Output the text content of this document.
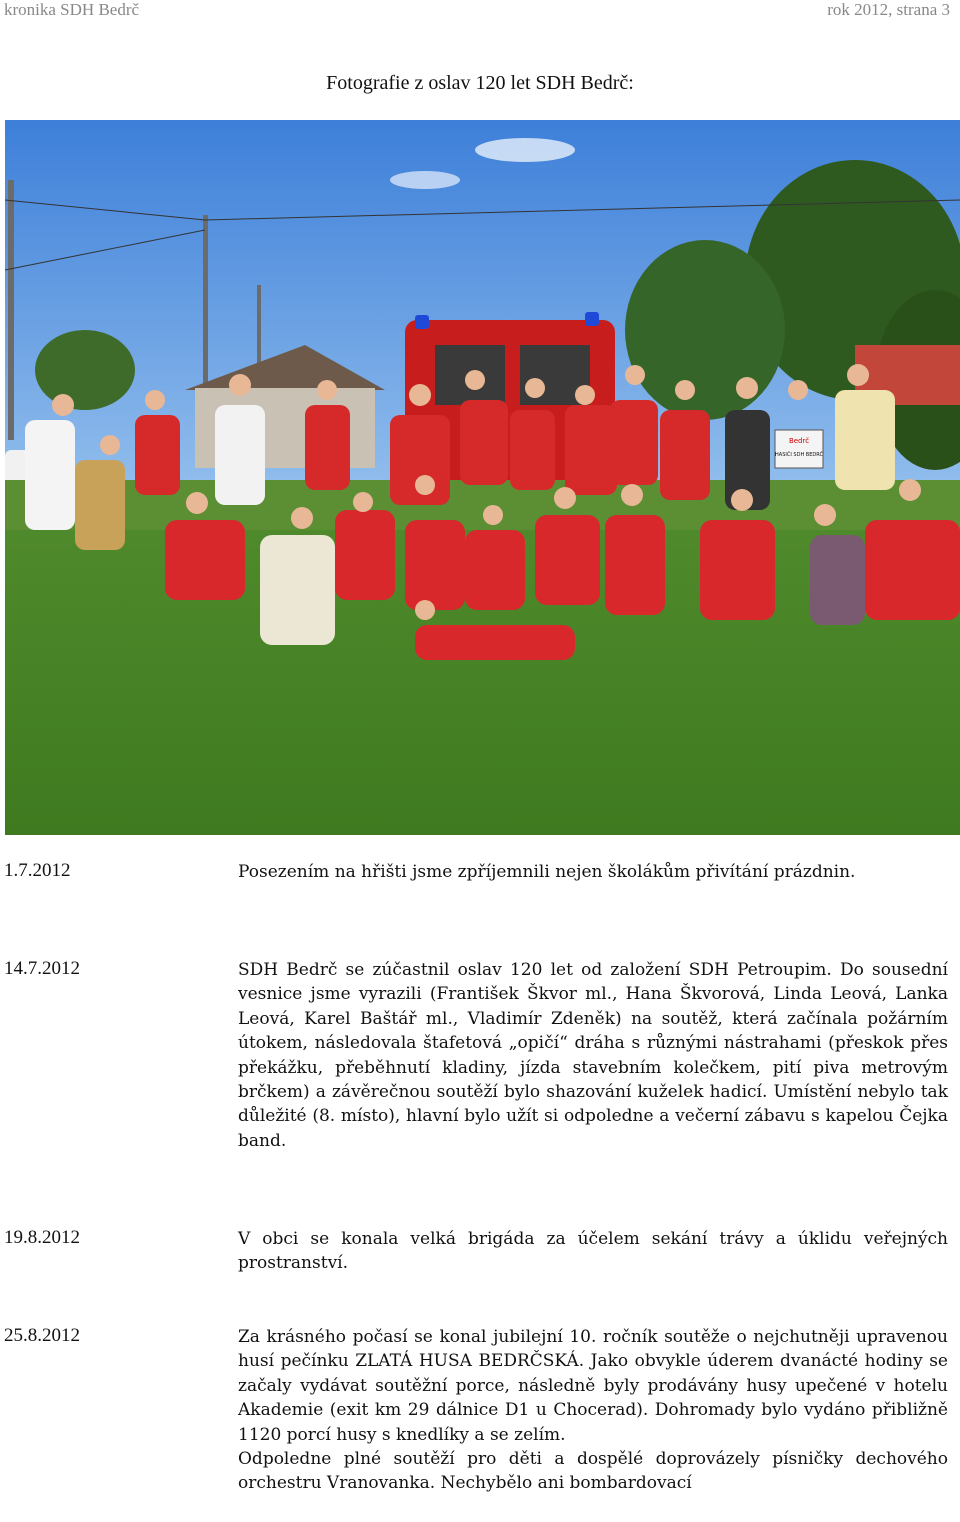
kronika SDH Bedrč	rok 2012, strana 3
Fotografie z oslav 120 let SDH Bedrč:
Bedrč
HASIČI SDH BEDRČ
1.7.2012	Posezením na hřišti jsme zpříjemnili nejen školákům přivítání prázdnin.

14.7.2012	SDH Bedrč se zúčastnil oslav 120 let od založení SDH Petroupim. Do sousední vesnice jsme vyrazili (František Škvor ml., Hana Škvorová, Linda Leová, Lanka Leová, Karel Baštář ml., Vladimír Zdeněk) na soutěž, která začínala požárním útokem, následovala štafetová „opičí“ dráha s různými nástrahami (přeskok přes překážku, přeběhnutí kladiny, jízda stavebním kolečkem, pití piva metrovým brčkem) a závěrečnou soutěží bylo shazování kuželek hadicí. Umístění nebylo tak důležité (8. místo), hlavní bylo užít si odpoledne a večerní zábavu s kapelou Čejka band.

19.8.2012	V obci se konala velká brigáda za účelem sekání trávy a úklidu veřejných prostranství.

25.8.2012	Za krásného počasí se konal jubilejní 10. ročník soutěže o nejchutněji upravenou husí pečínku ZLATÁ HUSA BEDRČSKÁ. Jako obvykle úderem dvanácté hodiny se začaly vydávat soutěžní porce, následně byly prodávány husy upečené v hotelu Akademie (exit km 29 dálnice D1 u Chocerad). Dohromady bylo vydáno přibližně 1120 porcí husy s knedlíky a se zelím.

Odpoledne plné soutěží pro děti a dospělé doprovázely písničky dechového orchestru Vranovanka. Nechybělo ani bombardovací
